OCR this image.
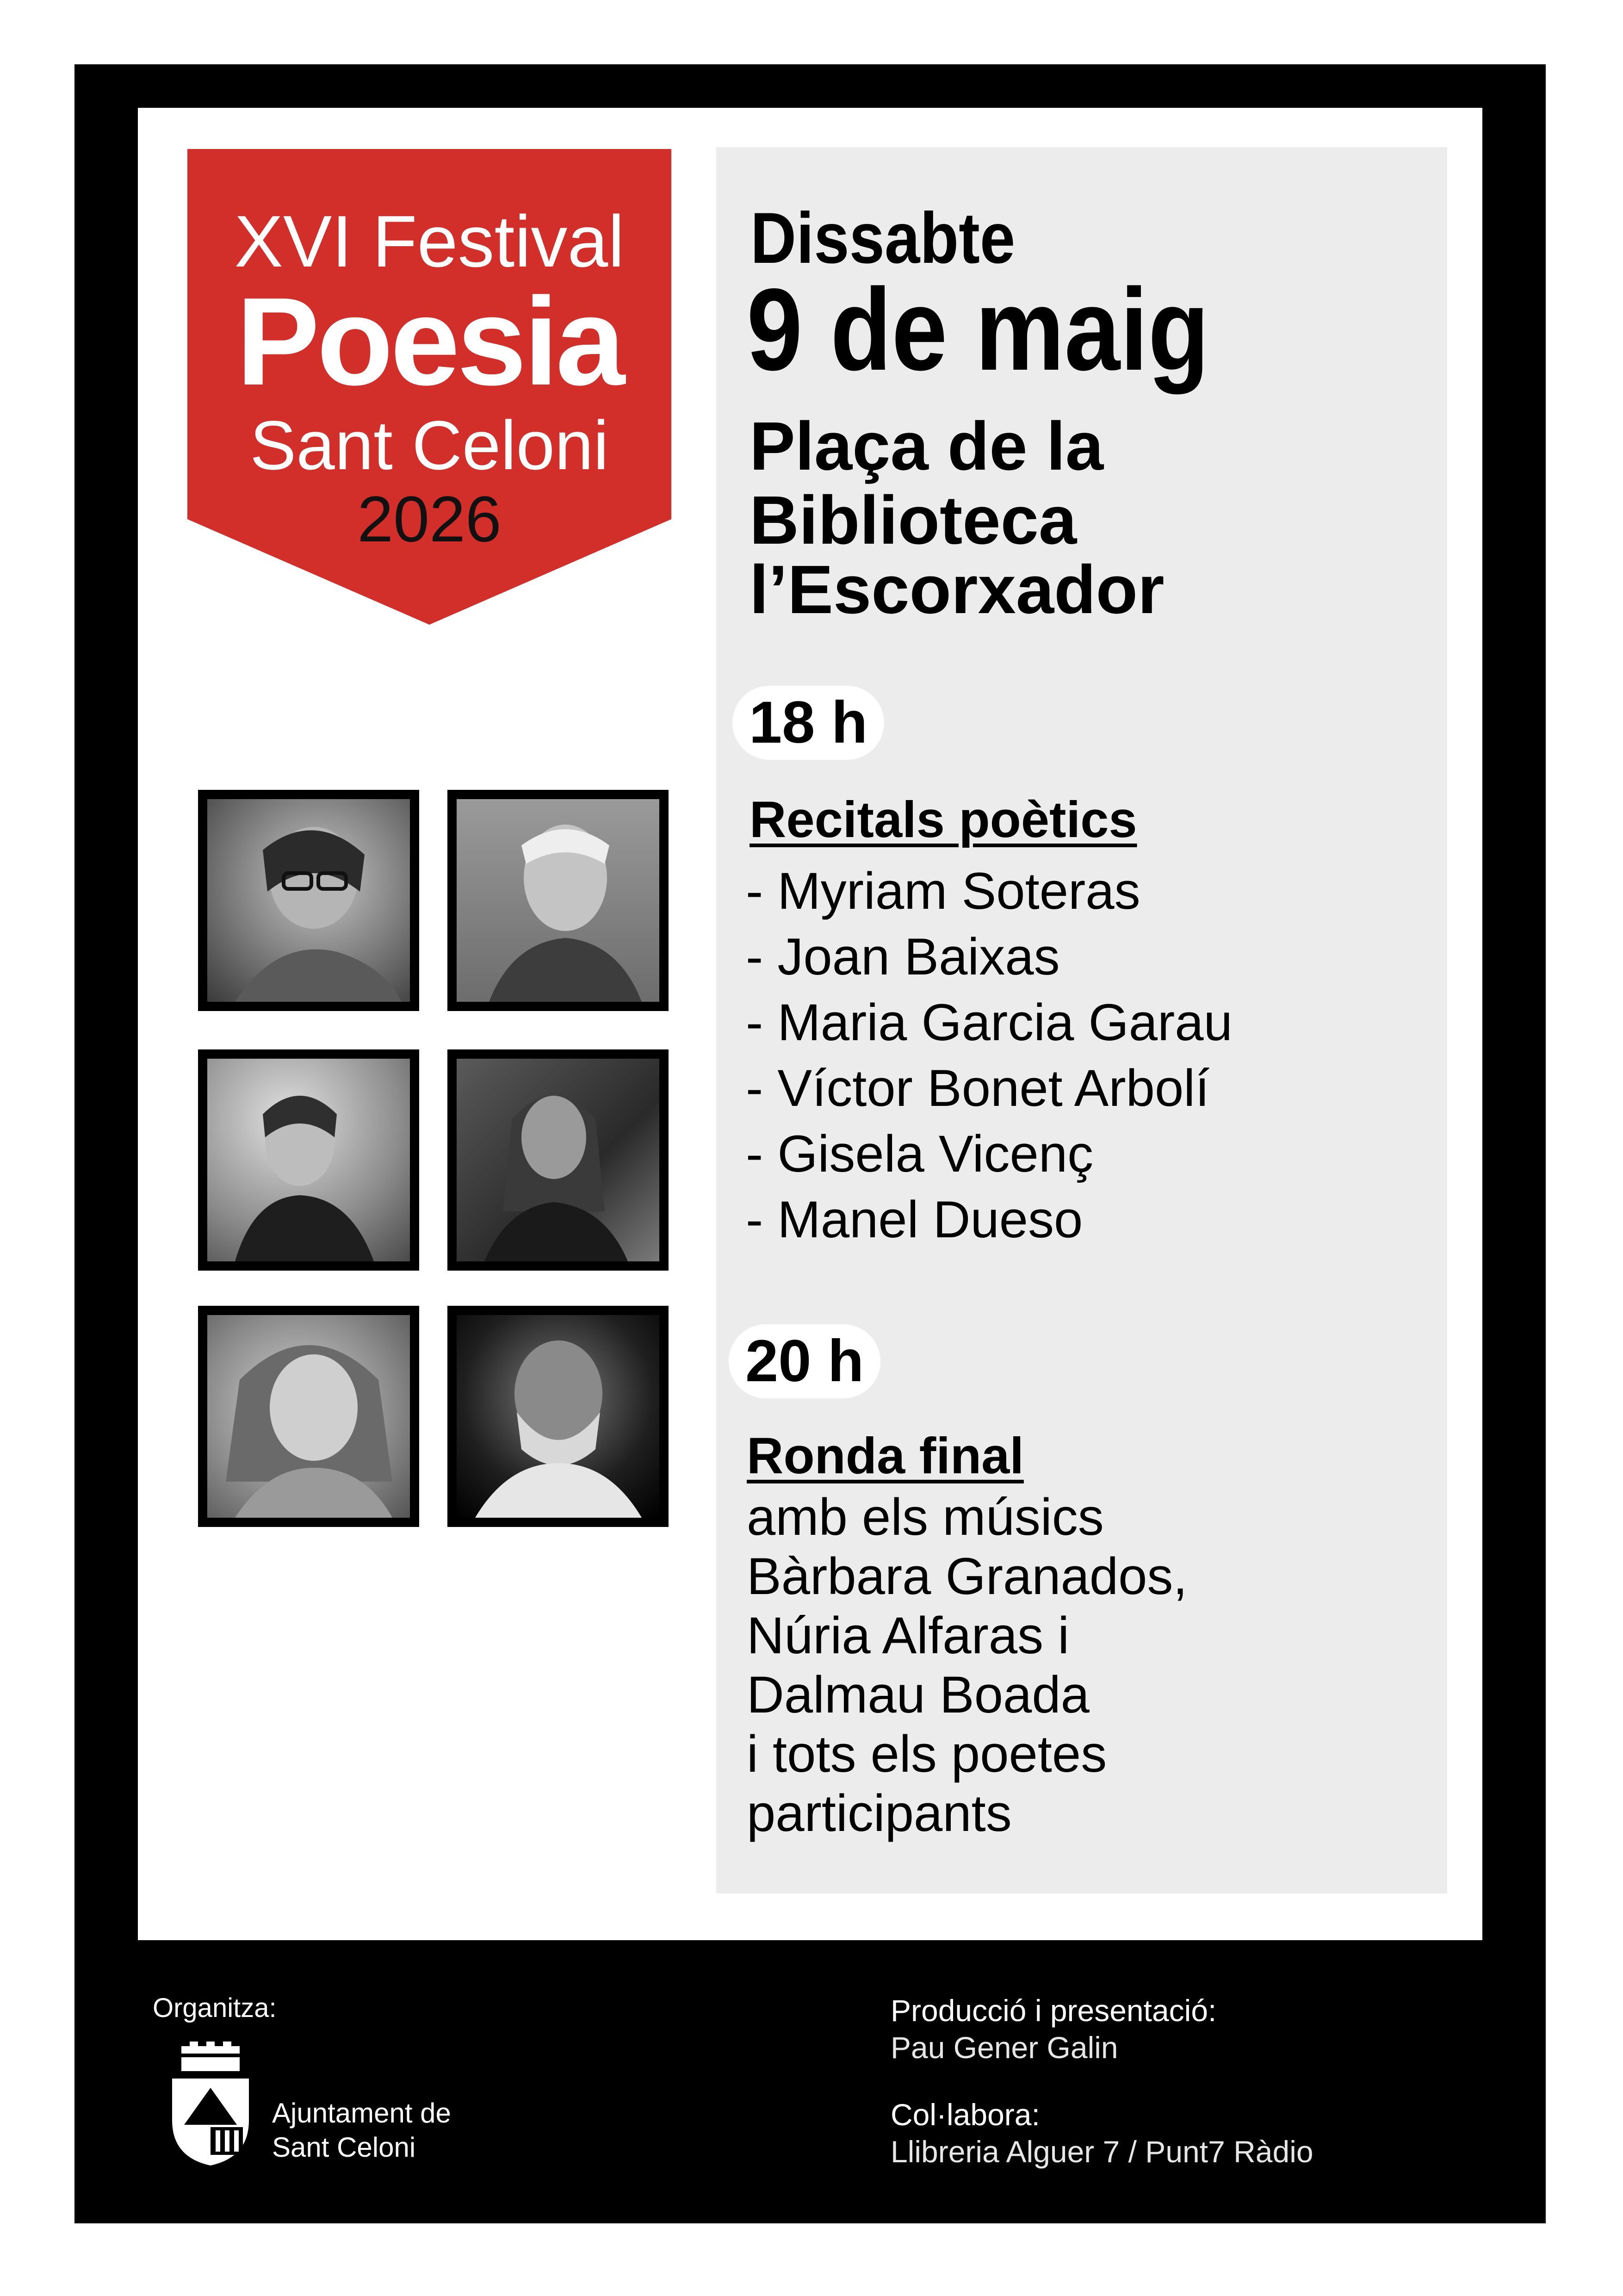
XVI Festival
Poesia
Sant Celoni
2026
Dissabte
9 de maig
Plaça de la
Biblioteca
l’Escorxador
18 h
Recitals poètics
- Myriam Soteras
- Joan Baixas
- Maria Garcia Garau
- Víctor Bonet Arbolí
- Gisela Vicenç
- Manel Dueso
20 h
Ronda final
amb els músics
Bàrbara Granados,
Núria Alfaras i
Dalmau Boada
i tots els poetes
participants
Organitza:
Ajuntament de
Sant Celoni
Producció i presentació:
Pau Gener Galin
Col·labora:
Llibreria Alguer 7 / Punt7 Ràdio
